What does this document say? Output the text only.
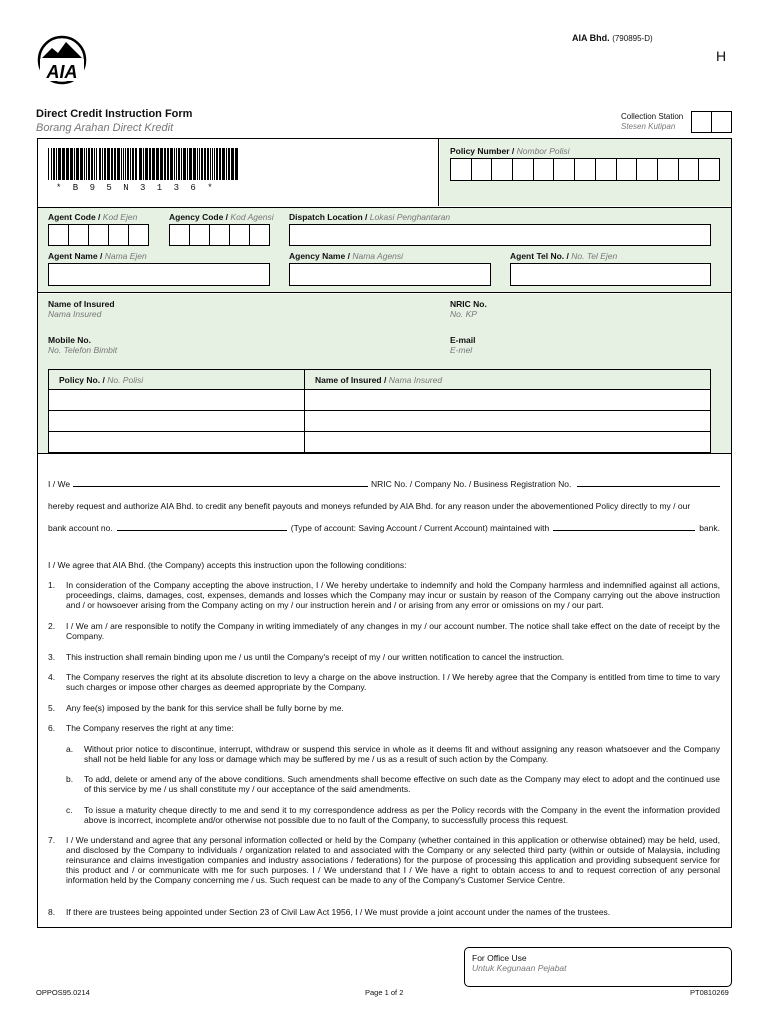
AIA
AIA Bhd. (790895-D)
H
Direct Credit Instruction Form
Borang Arahan Direct Kredit
Collection Station
Stesen Kutipan
* B 9 5 N 3 1 3 6 *
Policy Number / Nombor Polisi
Agent Code / Kod Ejen	Agency Code / Kod Agensi Dispatch Location / Lokasi Penghantaran
Agent Name / Nama Ejen	Agency Name / Nama Agensi	Agent Tel No. / No. Tel Ejen
Name of Insured
Nama Insured
NRIC No.
No. KP
Mobile No.
No. Telefon Bimbit
E-mail
E-mel
Policy No. / No. Polisi	Name of Insured / Nama Insured

I / We	NRIC No. / Company No. / Business Registration No.
hereby request and authorize AIA Bhd. to credit any benefit payouts and moneys refunded by AIA Bhd. for any reason under the abovementioned Policy directly to my / our
bank account no.	(Type of account: Saving Account / Current Account) maintained with	bank.
I / We agree that AIA Bhd. (the Company) accepts this instruction upon the following conditions:
1. In consideration of the Company accepting the above instruction, I / We hereby undertake to indemnify and hold the Company harmless and indemnified against all actions, proceedings, claims, damages, cost, expenses, demands and losses which the Company may incur or sustain by reason of the Company carrying out the above instruction and / or howsoever arising from the Company acting on my / our instruction herein and / or arising from any error or omissions on my / our part.
2. I / We am / are responsible to notify the Company in writing immediately of any changes in my / our account number. The notice shall take effect on the date of receipt by the Company.
3. This instruction shall remain binding upon me / us until the Company's receipt of my / our written notification to cancel the instruction.
4. The Company reserves the right at its absolute discretion to levy a charge on the above instruction. I / We hereby agree that the Company is entitled from time to time to vary such charges or impose other charges as deemed appropriate by the Company.
5. Any fee(s) imposed by the bank for this service shall be fully borne by me.
6. The Company reserves the right at any time:
a. Without prior notice to discontinue, interrupt, withdraw or suspend this service in whole as it deems fit and without assigning any reason whatsoever and the Company shall not be held liable for any loss or damage which may be suffered by me / us as a result of such action by the Company.
b. To add, delete or amend any of the above conditions. Such amendments shall become effective on such date as the Company may elect to adopt and the continued use of this service by me / us shall constitute my / our acceptance of the said amendments.
c. To issue a maturity cheque directly to me and send it to my correspondence address as per the Policy records with the Company in the event the information provided above is incorrect, incomplete and/or otherwise not possible due to no fault of the Company, to successfully process this request.
7. I / We understand and agree that any personal information collected or held by the Company (whether contained in this application or otherwise obtained) may be held, used, and disclosed by the Company to individuals / organization related to and associated with the Company or any selected third party (within or outside of Malaysia, including reinsurance and claims investigation companies and industry associations / federations) for the purpose of processing this application and providing subsequent service for this product and / or communicate with me for such purposes. I / We understand that I / We have a right to obtain access to and to request correction of any personal information held by the Company concerning me / us. Such request can be made to any of the Company's Customer Service Centre.
8. If there are trustees being appointed under Section 23 of Civil Law Act 1956, I / We must provide a joint account under the names of the trustees.
For Office Use
Untuk Kegunaan Pejabat
OPPOS95.0214	Page 1 of 2	PT0810269
